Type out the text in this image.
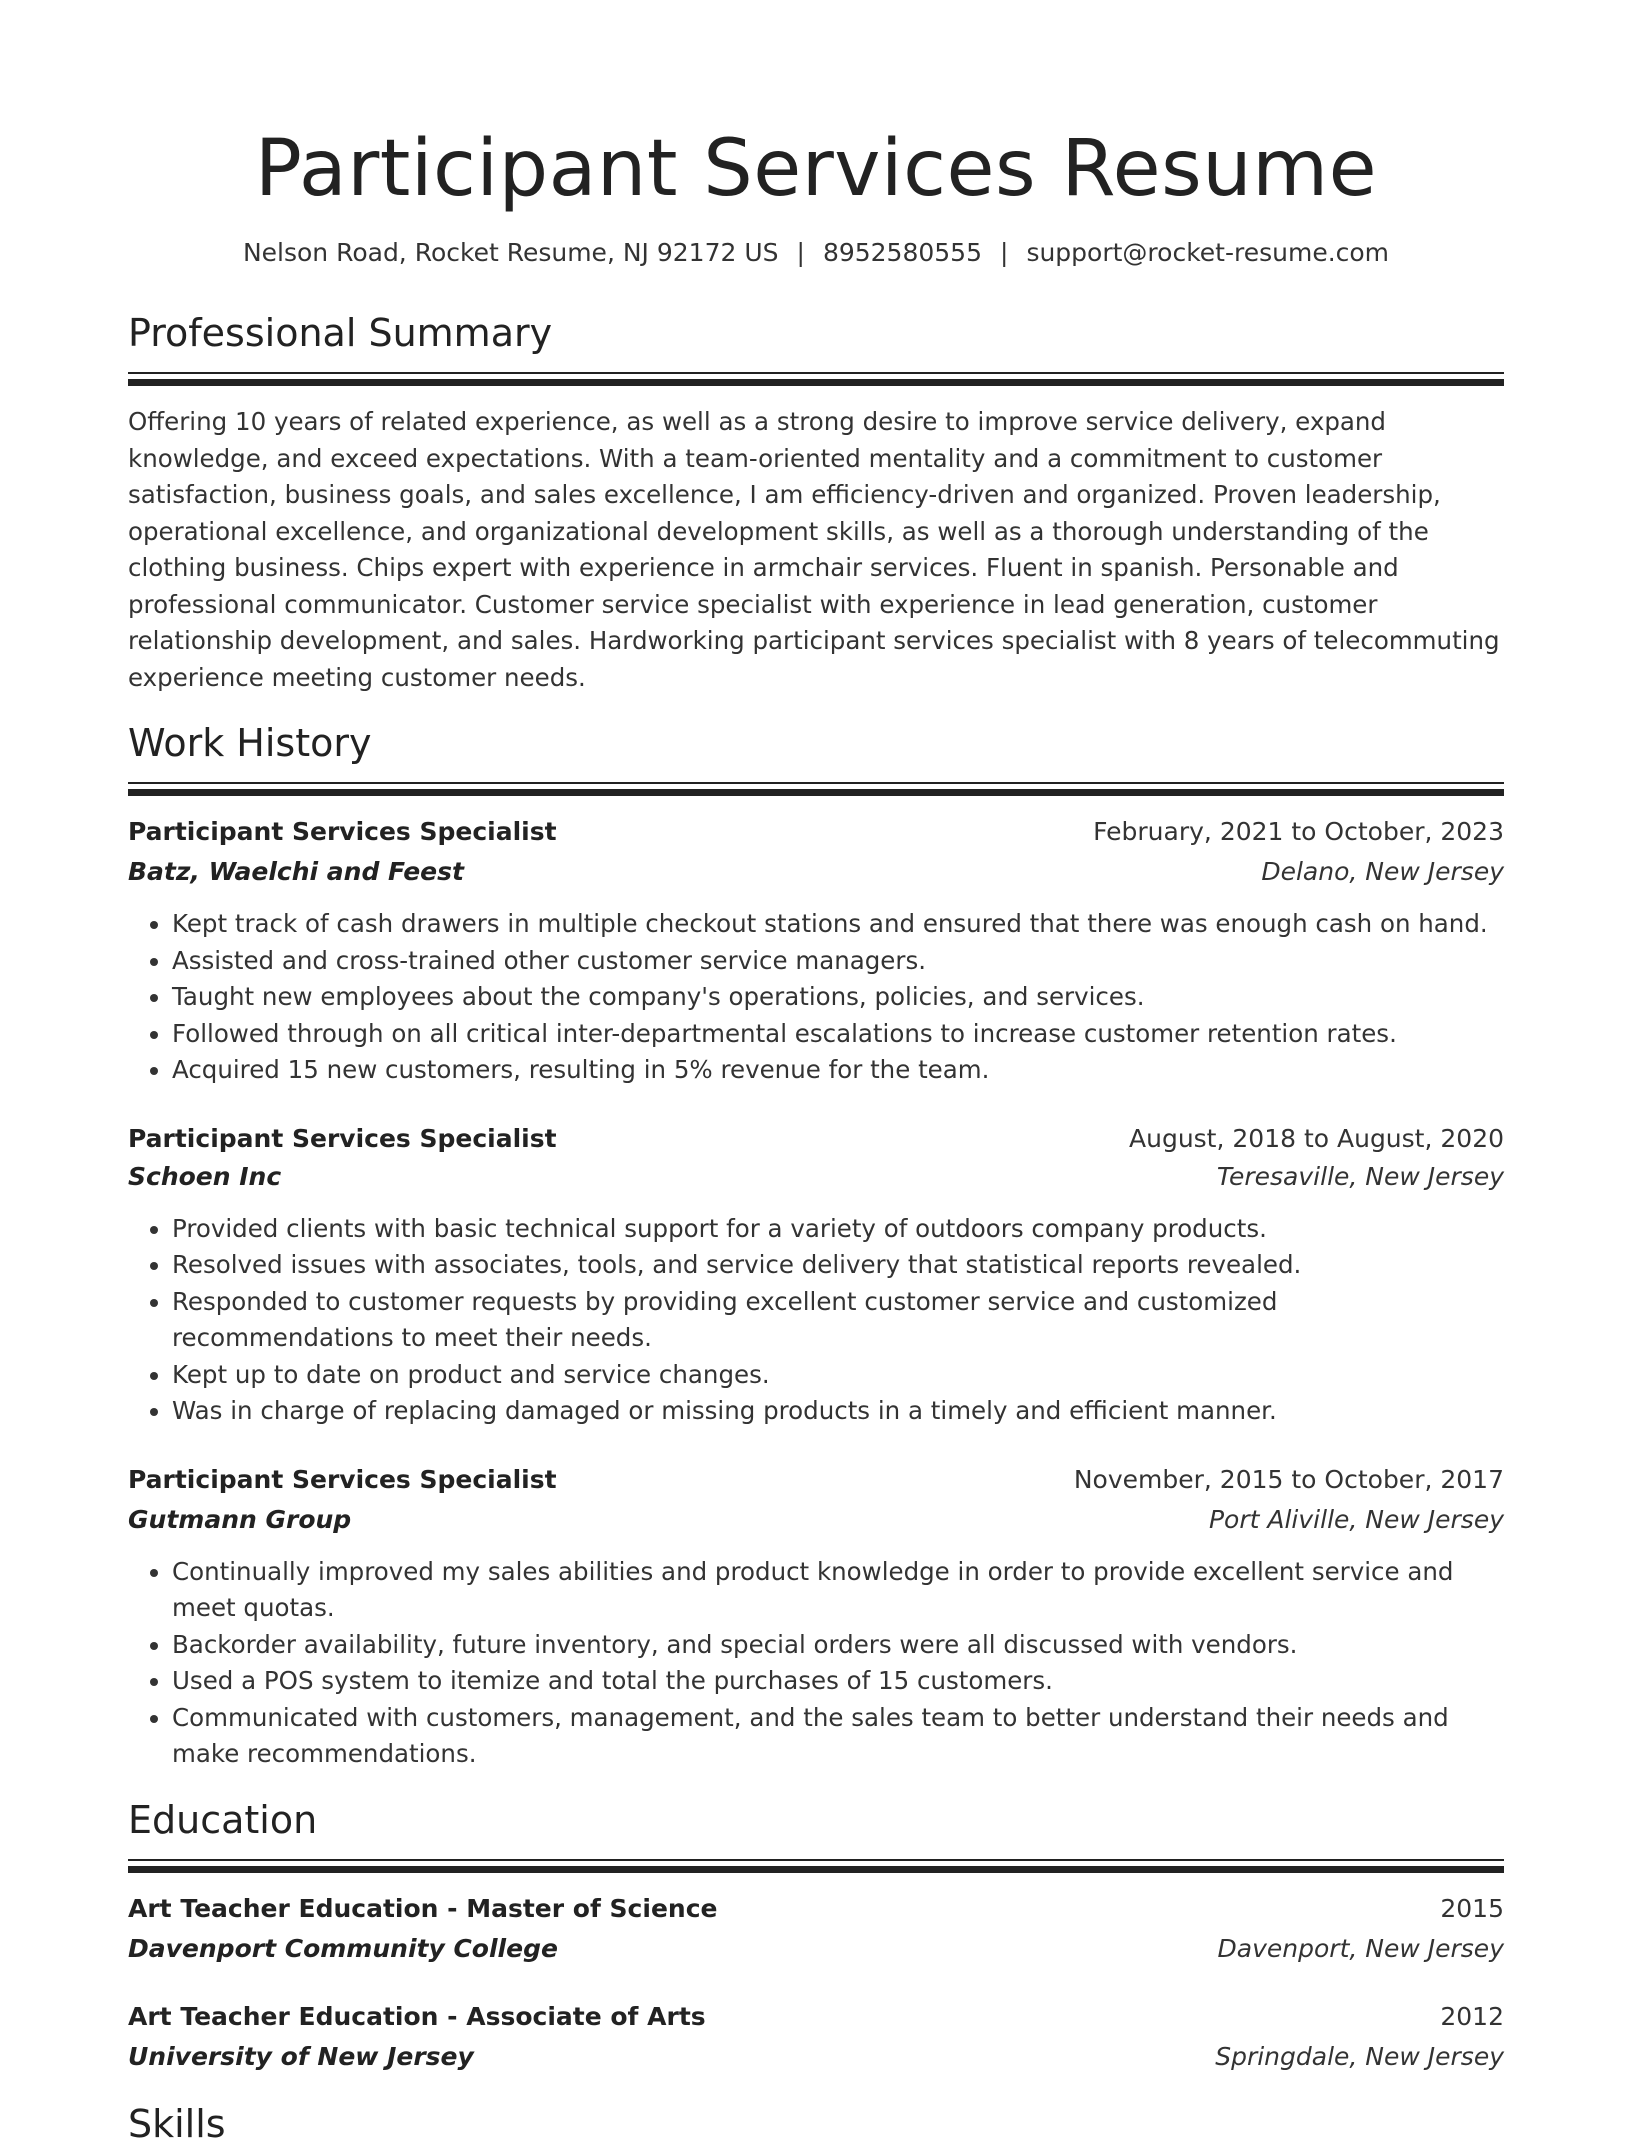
Participant Services Resume
Nelson Road, Rocket Resume, NJ 92172 US | 8952580555 | support@rocket-resume.com
Professional Summary
Offering 10 years of related experience, as well as a strong desire to improve service delivery, expand knowledge, and exceed expectations. With a team-oriented mentality and a commitment to customer satisfaction, business goals, and sales excellence, I am efficiency-driven and organized. Proven leadership, operational excellence, and organizational development skills, as well as a thorough understanding of the clothing business. Chips expert with experience in armchair services. Fluent in spanish. Personable and professional communicator. Customer service specialist with experience in lead generation, customer relationship development, and sales. Hardworking participant services specialist with 8 years of telecommuting experience meeting customer needs.
Work History
Participant Services Specialist	February, 2021 to October, 2023
Batz, Waelchi and Feest	Delano, New Jersey
• Kept track of cash drawers in multiple checkout stations and ensured that there was enough cash on hand.
• Assisted and cross-trained other customer service managers.
• Taught new employees about the company's operations, policies, and services.
• Followed through on all critical inter-departmental escalations to increase customer retention rates.
• Acquired 15 new customers, resulting in 5% revenue for the team.
Participant Services Specialist	August, 2018 to August, 2020
Schoen Inc	Teresaville, New Jersey
• Provided clients with basic technical support for a variety of outdoors company products.
• Resolved issues with associates, tools, and service delivery that statistical reports revealed.
• Responded to customer requests by providing excellent customer service and customized recommendations to meet their needs.
• Kept up to date on product and service changes.
• Was in charge of replacing damaged or missing products in a timely and efficient manner.
Participant Services Specialist	November, 2015 to October, 2017
Gutmann Group	Port Aliville, New Jersey
• Continually improved my sales abilities and product knowledge in order to provide excellent service and meet quotas.
• Backorder availability, future inventory, and special orders were all discussed with vendors.
• Used a POS system to itemize and total the purchases of 15 customers.
• Communicated with customers, management, and the sales team to better understand their needs and make recommendations.
Education
Art Teacher Education - Master of Science	2015
Davenport Community College	Davenport, New Jersey
Art Teacher Education - Associate of Arts	2012
University of New Jersey	Springdale, New Jersey
Skills
